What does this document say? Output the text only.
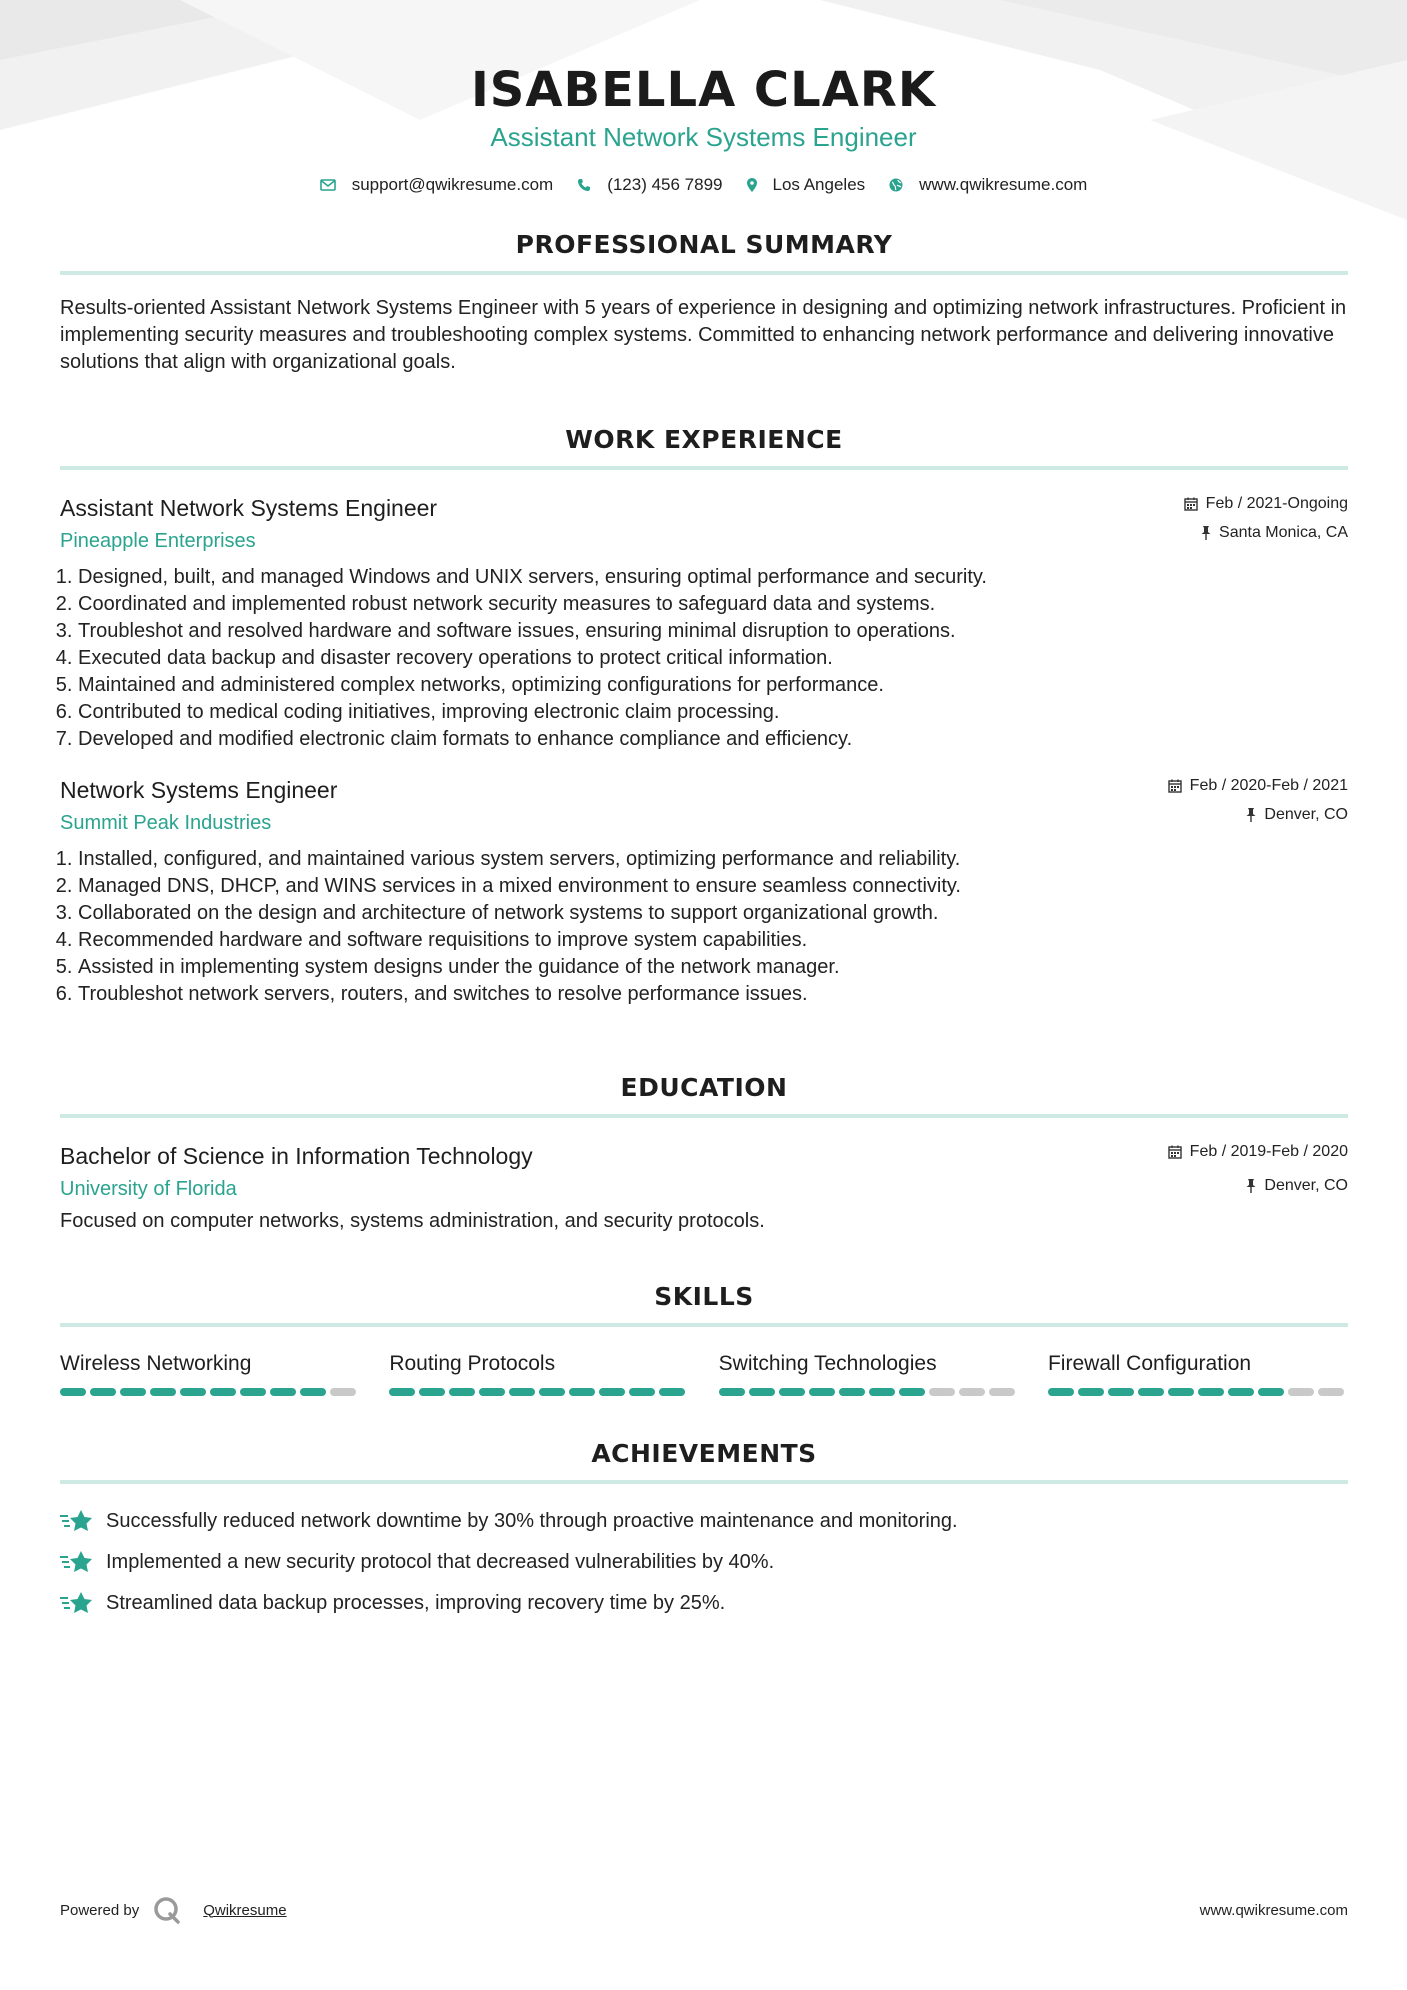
ISABELLA CLARK
Assistant Network Systems Engineer
support@qwikresume.com	(123) 456 7899	Los Angeles	www.qwikresume.com
PROFESSIONAL SUMMARY
Results-oriented Assistant Network Systems Engineer with 5 years of experience in designing and optimizing network infrastructures. Proficient in implementing security measures and troubleshooting complex systems. Committed to enhancing network performance and delivering innovative solutions that align with organizational goals.
WORK EXPERIENCE
Feb / 2021-Ongoing
Santa Monica, CA
Assistant Network Systems Engineer
Pineapple Enterprises
1. Designed, built, and managed Windows and UNIX servers, ensuring optimal performance and security.
2. Coordinated and implemented robust network security measures to safeguard data and systems.
3. Troubleshot and resolved hardware and software issues, ensuring minimal disruption to operations.
4. Executed data backup and disaster recovery operations to protect critical information.
5. Maintained and administered complex networks, optimizing configurations for performance.
6. Contributed to medical coding initiatives, improving electronic claim processing.
7. Developed and modified electronic claim formats to enhance compliance and efficiency.
Feb / 2020-Feb / 2021
Denver, CO
Network Systems Engineer
Summit Peak Industries
1. Installed, configured, and maintained various system servers, optimizing performance and reliability.
2. Managed DNS, DHCP, and WINS services in a mixed environment to ensure seamless connectivity.
3. Collaborated on the design and architecture of network systems to support organizational growth.
4. Recommended hardware and software requisitions to improve system capabilities.
5. Assisted in implementing system designs under the guidance of the network manager.
6. Troubleshot network servers, routers, and switches to resolve performance issues.
EDUCATION
Feb / 2019-Feb / 2020
Denver, CO
Bachelor of Science in Information Technology
University of Florida
Focused on computer networks, systems administration, and security protocols.
SKILLS
Wireless Networking	Routing Protocols	Switching Technologies	Firewall Configuration
ACHIEVEMENTS
Successfully reduced network downtime by 30% through proactive maintenance and monitoring.
Implemented a new security protocol that decreased vulnerabilities by 40%.
Streamlined data backup processes, improving recovery time by 25%.
Powered by	Qwikresume	www.qwikresume.com
